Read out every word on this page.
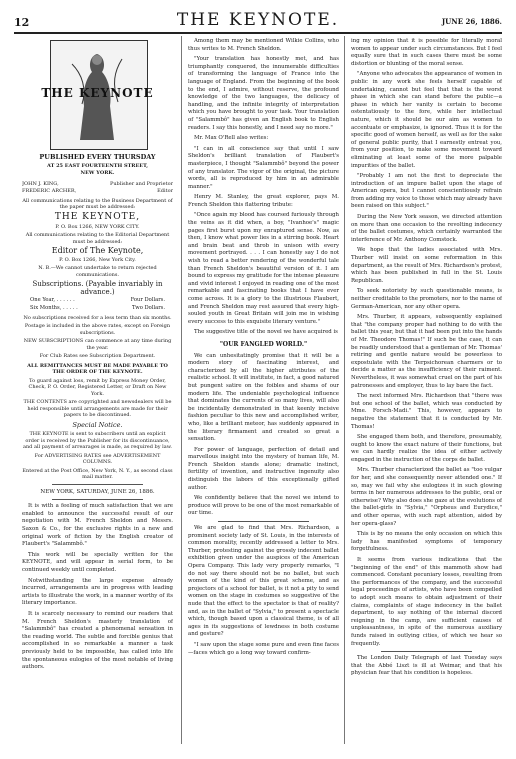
12	THE KEYNOTE.	JUNE 26, 1886.
THE KEYNOTE
PUBLISHED EVERY THURSDAY
AT 25 EAST FOURTEENTH STREET,
NEW YORK.
JOHN J. KING,	Publisher and Proprietor
FREDERIC ARCHER,	Editor
All communications relating to the Business Department of the paper must be addressed:
THE KEYNOTE,
P. O. Box 1266, NEW YORK CITY.
All communications relating to the Editorial Department must be addressed:
Editor of The Keynote,
P. O. Box 1266, New York City.
N. B.—We cannot undertake to return rejected communications.
Subscriptions. (Payable invariably in advance.)
One Year, . . . . . .	Four Dollars.
Six Months, . . . . .	Two Dollars.
No subscriptions received for a less term than six months.
Postage is included in the above rates, except on Foreign subscriptions.
NEW SUBSCRIPTIONS can commence at any time during the year.
For Club Rates see Subscription Department.
ALL REMITTANCES MUST BE MADE PAYABLE TO THE ORDER OF THE KEYNOTE.
To guard against loss, remit by Express Money Order, Check, P. O. Order, Registered Letter, or Draft on New York.
THE CONTENTS are copyrighted and newsdealers will be held responsible until arrangements are made for their papers to be discontinued.
Special Notice.
THE KEYNOTE is sent to subscribers until an explicit order is received by the Publisher for its discontinuance, and all payment of arrearages is made, as required by law.
For ADVERTISING RATES see ADVERTISEMENT COLUMNS.
Entered at the Post Office, New York, N. Y., as second class mail matter.
NEW YORK, SATURDAY, JUNE 26, 1886.

It is with a feeling of much satisfaction that we are enabled to announce the successful result of our negotiation with M. French Sheldon and Messrs. Saxon & Co., for the exclusive rights in a new and original work of fiction by the English creator of Flaubert's "Salammbô."

This work will be specially written for the KEYNOTE, and will appear in serial form, to be continued weekly until completed.

Notwithstanding the large expense already incurred, arrangements are in progress with leading artists to illustrate the work, in a manner worthy of its literary importance.

It is scarcely necessary to remind our readers that M. French Sheldon's masterly translation of "Salammbô" has created a phenomenal sensation in the reading world. The subtle and forcible genius that accomplished in so remarkable a manner a task previously held to be impossible, has called into life the spontaneous eulogies of the most notable of living authors.

Among them may be mentioned Wilkie Collins, who thus writes to M. French Sheldon.

"Your translation has honestly met, and has triumphantly conquered, the innumerable difficulties of transforming the language of France into the language of England. From the beginning of the book to the end, I admire, without reserve, the profound knowledge of the two languages, the delicacy of handling, and the infinite integrity of interpretation which you have brought to your task. Your translation of "Salammbô" has given an English book to English readers. I say this honestly, and I need say no more."

Mr. Max O'Rell also writes:

"I can in all conscience say that until I saw Sheldon's brilliant translation of Flaubert's masterpiece, I thought "Salammbô" beyond the power of any translator. The vigor of the original, the picture words, all is reproduced by him in an admirable manner."

Henry M. Stanley, the great explorer, pays M. French Sheldon this flattering tribute:

"Once again my blood has coursed furiously through the veins as it did when, a boy, "Ivanhoe's" magic pages first burst upon my enraptured sense. Now, as then, I know what power lies in a stirring book. Heart and brain beat and throb in unison with every movement portrayed. . . . I can honestly say I do not wish to read a better rendering of the wonderful tale than French Sheldon's beautiful version of it. I am bound to express my gratitude for the intense pleasure and vivid interest I enjoyed in reading one of the most remarkable and fascinating books that I have ever come across. It is a glory to the illustrious Flaubert, and French Sheldon may rest assured that every high-souled youth in Great Britain will join me in wishing every success to this exquisite literary venture."

The suggestive title of the novel we have acquired is

"OUR FANGLED WORLD."

We can unhesitatingly promise that it will be a modern story of fascinating interest, and characterized by all the higher attributes of the realistic school. It will institute, in fact, a good natured but pungent satire on the foibles and shams of our modern life. The undeniable psychological influence that dominates the currents of so many lives, will also be incidentally demonstrated in that keenly incisive fashion peculiar to this new and accomplished writer, who, like a brilliant meteor, has suddenly appeared in the literary firmament and created so great a sensation.

For power of language, perfection of detail and marvellous insight into the mystery of human life, M. French Sheldon stands alone; dramatic instinct, fertility of invention, and instructive ingenuity also distinguish the labors of this exceptionally gifted author.

We confidently believe that the novel we intend to produce will prove to be one of the most remarkable of our time.

We are glad to find that Mrs. Richardson, a prominent society lady of St. Louis, in the interests of common morality, recently addressed a letter to Mrs. Thurber, protesting against the grossly indecent ballet exhibition given under the auspices of the American Opera Company. This lady very properly remarks, "I do not say there should not be no ballet, but such women of the kind of this great scheme, and as projectors of a school for ballet, is it not a pity to send women on the stage in costumes so suggestive of the nude that the effect to the spectator is that of reality? and, as in the ballet of "Sylvia," to present a spectacle which, though based upon a classical theme, is of all ages in its suggestions of lewdness in both costume and gesture?

"I saw upon the stage some pure and even fine faces—faces which go a long way toward confirm-

ing my opinion that it is possible for literally moral women to appear under such circumstances. But I feel equally sure that in such cases there must be some distortion or blunting of the moral sense.

"Anyone who advocates the appearance of women in public in any work she feels herself capable of undertaking, cannot but feel that that is the worst phase in which she can stand before the public—a phase in which her vanity is certain to become ostentatiously to the fore, while her intellectual nature, which it should be our aim as women to accentuate or emphasize, is ignored. Thus it is for the specific good of women herself, as well as for the sake of general public purity, that I earnestly entreat you, from your position, to make some movement toward eliminating at least some of the more palpable impurities of the ballet.

"Probably I am not the first to depreciate the introduction of an impure ballet upon the stage of American opera, but I cannot conscientiously refrain from adding my voice to those which may already have been raised on this subject."

During the New York season, we directed attention on more than one occasion to the revolting indecency of the ballet costumes, which certainly warranted the interference of Mr. Anthony Comstock.

We hope that the ladies associated with Mrs. Thurber will insist on some reformation in this department, as the result of Mrs. Richardson's protest, which has been published in full in the St. Louis Republican.

To seek notoriety by such questionable means, is neither creditable to the promoters, nor to the name of German-American, nor any other opera.

Mrs. Thurber, it appears, subsequently explained that "the company proper had nothing to do with the ballet this year, but that it had been put into the hands of Mr. Theodore Thomas!" If such be the case, it can be readily understood that a gentleman of Mr. Thomas' retiring and gentle nature would be powerless to expostulate with the Terpsichorean charmers or to decide a matter as the insufficiency of their raiment. Nevertheless, it was somewhat cruel on the part of his patronesses and employer, thus to lay bare the fact.

The next informed Mrs. Richardson that "there was but one school of the ballet, which was conducted by Mme. Forsch-Madi." This, however, appears to negative the statement that it is conducted by Mr. Thomas!

She engaged them both, and therefore, presumably, ought to know the exact nature of their functions, but we can hardly realize the idea of either actively engaged in the instruction of the corps de ballet.

Mrs. Thurber characterized the ballet as "too vulgar for her, and she consequently never attended one." If so, may we fail why she eulogizes it in such glowing terms in her numerous addresses to the public, oral or otherwise? Why also does she gaze at the evolutions of the ballet-girls in "Sylvia," "Orpheus and Eurydice," and other operas, with such rapt attention, aided by her opera-glass?

This is by no means the only occasion on which this lady has manifested symptoms of temporary forgetfulness.

It seems from various indications that the "beginning of the end" of this mammoth show had commenced. Constant pecuniary losses, resulting from the performances of the company, and the successful legal proceedings of artists, who have been compelled to adopt such means to obtain adjustment of their claims, complaints of stage indecency in the ballet department, to say nothing of the internal discord reigning in the camp, are sufficient causes of unpleasantness, in spite of the numerous auxiliary funds raised in outlying cities, of which we hear so frequently.

The London Daily Telegraph of last Tuesday says that the Abbé Liszt is ill at Weimar, and that his physician fear that his condition is hopeless.
